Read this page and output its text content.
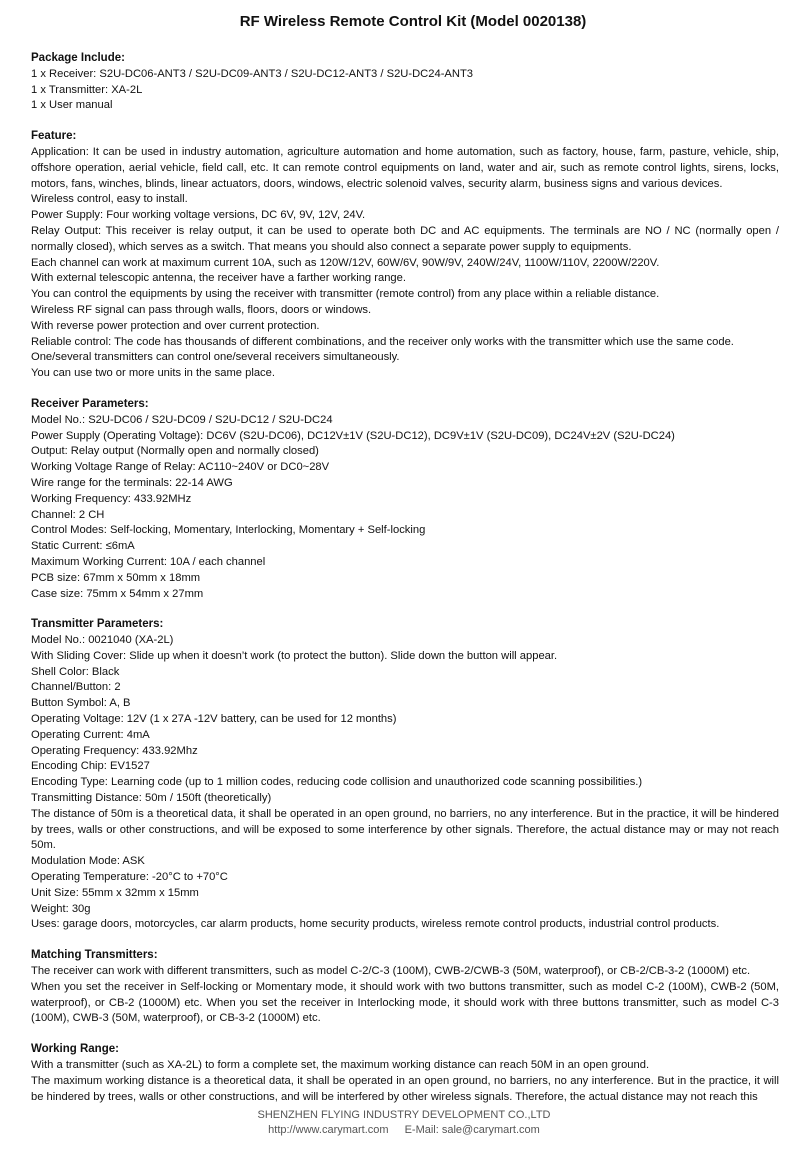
RF Wireless Remote Control Kit (Model 0020138)
Package Include:
1 x Receiver: S2U-DC06-ANT3 / S2U-DC09-ANT3 / S2U-DC12-ANT3 / S2U-DC24-ANT3
1 x Transmitter: XA-2L
1 x User manual
Feature:
Application: It can be used in industry automation, agriculture automation and home automation, such as factory, house, farm, pasture, vehicle, ship, offshore operation, aerial vehicle, field call, etc. It can remote control equipments on land, water and air, such as remote control lights, sirens, locks, motors, fans, winches, blinds, linear actuators, doors, windows, electric solenoid valves, security alarm, business signs and various devices.
Wireless control, easy to install.
Power Supply: Four working voltage versions, DC 6V, 9V, 12V, 24V.
Relay Output: This receiver is relay output, it can be used to operate both DC and AC equipments. The terminals are NO / NC (normally open / normally closed), which serves as a switch. That means you should also connect a separate power supply to equipments.
Each channel can work at maximum current 10A, such as 120W/12V, 60W/6V, 90W/9V, 240W/24V, 1100W/110V, 2200W/220V.
With external telescopic antenna, the receiver have a farther working range.
You can control the equipments by using the receiver with transmitter (remote control) from any place within a reliable distance.
Wireless RF signal can pass through walls, floors, doors or windows.
With reverse power protection and over current protection.
Reliable control: The code has thousands of different combinations, and the receiver only works with the transmitter which use the same code.
One/several transmitters can control one/several receivers simultaneously.
You can use two or more units in the same place.
Receiver Parameters:
Model No.: S2U-DC06 / S2U-DC09 / S2U-DC12 / S2U-DC24
Power Supply (Operating Voltage): DC6V (S2U-DC06), DC12V±1V (S2U-DC12), DC9V±1V (S2U-DC09), DC24V±2V (S2U-DC24)
Output: Relay output (Normally open and normally closed)
Working Voltage Range of Relay: AC110~240V or DC0~28V
Wire range for the terminals: 22-14 AWG
Working Frequency: 433.92MHz
Channel: 2 CH
Control Modes: Self-locking, Momentary, Interlocking, Momentary + Self-locking
Static Current: ≤6mA
Maximum Working Current: 10A / each channel
PCB size: 67mm x 50mm x 18mm
Case size: 75mm x 54mm x 27mm
Transmitter Parameters:
Model No.: 0021040 (XA-2L)
With Sliding Cover: Slide up when it doesn’t work (to protect the button). Slide down the button will appear.
Shell Color: Black
Channel/Button: 2
Button Symbol: A, B
Operating Voltage: 12V (1 x 27A -12V battery, can be used for 12 months)
Operating Current: 4mA
Operating Frequency: 433.92Mhz
Encoding Chip: EV1527
Encoding Type: Learning code (up to 1 million codes, reducing code collision and unauthorized code scanning possibilities.)
Transmitting Distance: 50m / 150ft (theoretically)
The distance of 50m is a theoretical data, it shall be operated in an open ground, no barriers, no any interference. But in the practice, it will be hindered by trees, walls or other constructions, and will be exposed to some interference by other signals. Therefore, the actual distance may or may not reach 50m.
Modulation Mode: ASK
Operating Temperature: -20°C to +70°C
Unit Size: 55mm x 32mm x 15mm
Weight: 30g
Uses: garage doors, motorcycles, car alarm products, home security products, wireless remote control products, industrial control products.
Matching Transmitters:
The receiver can work with different transmitters, such as model C-2/C-3 (100M), CWB-2/CWB-3 (50M, waterproof), or CB-2/CB-3-2 (1000M) etc.
When you set the receiver in Self-locking or Momentary mode, it should work with two buttons transmitter, such as model C-2 (100M), CWB-2 (50M, waterproof), or CB-2 (1000M) etc. When you set the receiver in Interlocking mode, it should work with three buttons transmitter, such as model C-3 (100M), CWB-3 (50M, waterproof), or CB-3-2 (1000M) etc.
Working Range:
With a transmitter (such as XA-2L) to form a complete set, the maximum working distance can reach 50M in an open ground.
The maximum working distance is a theoretical data, it shall be operated in an open ground, no barriers, no any interference. But in the practice, it will be hindered by trees, walls or other constructions, and will be interfered by other wireless signals. Therefore, the actual distance may not reach this
SHENZHEN FLYING INDUSTRY DEVELOPMENT CO.,LTD
http://www.carymart.com E-Mail: sale@carymart.com
